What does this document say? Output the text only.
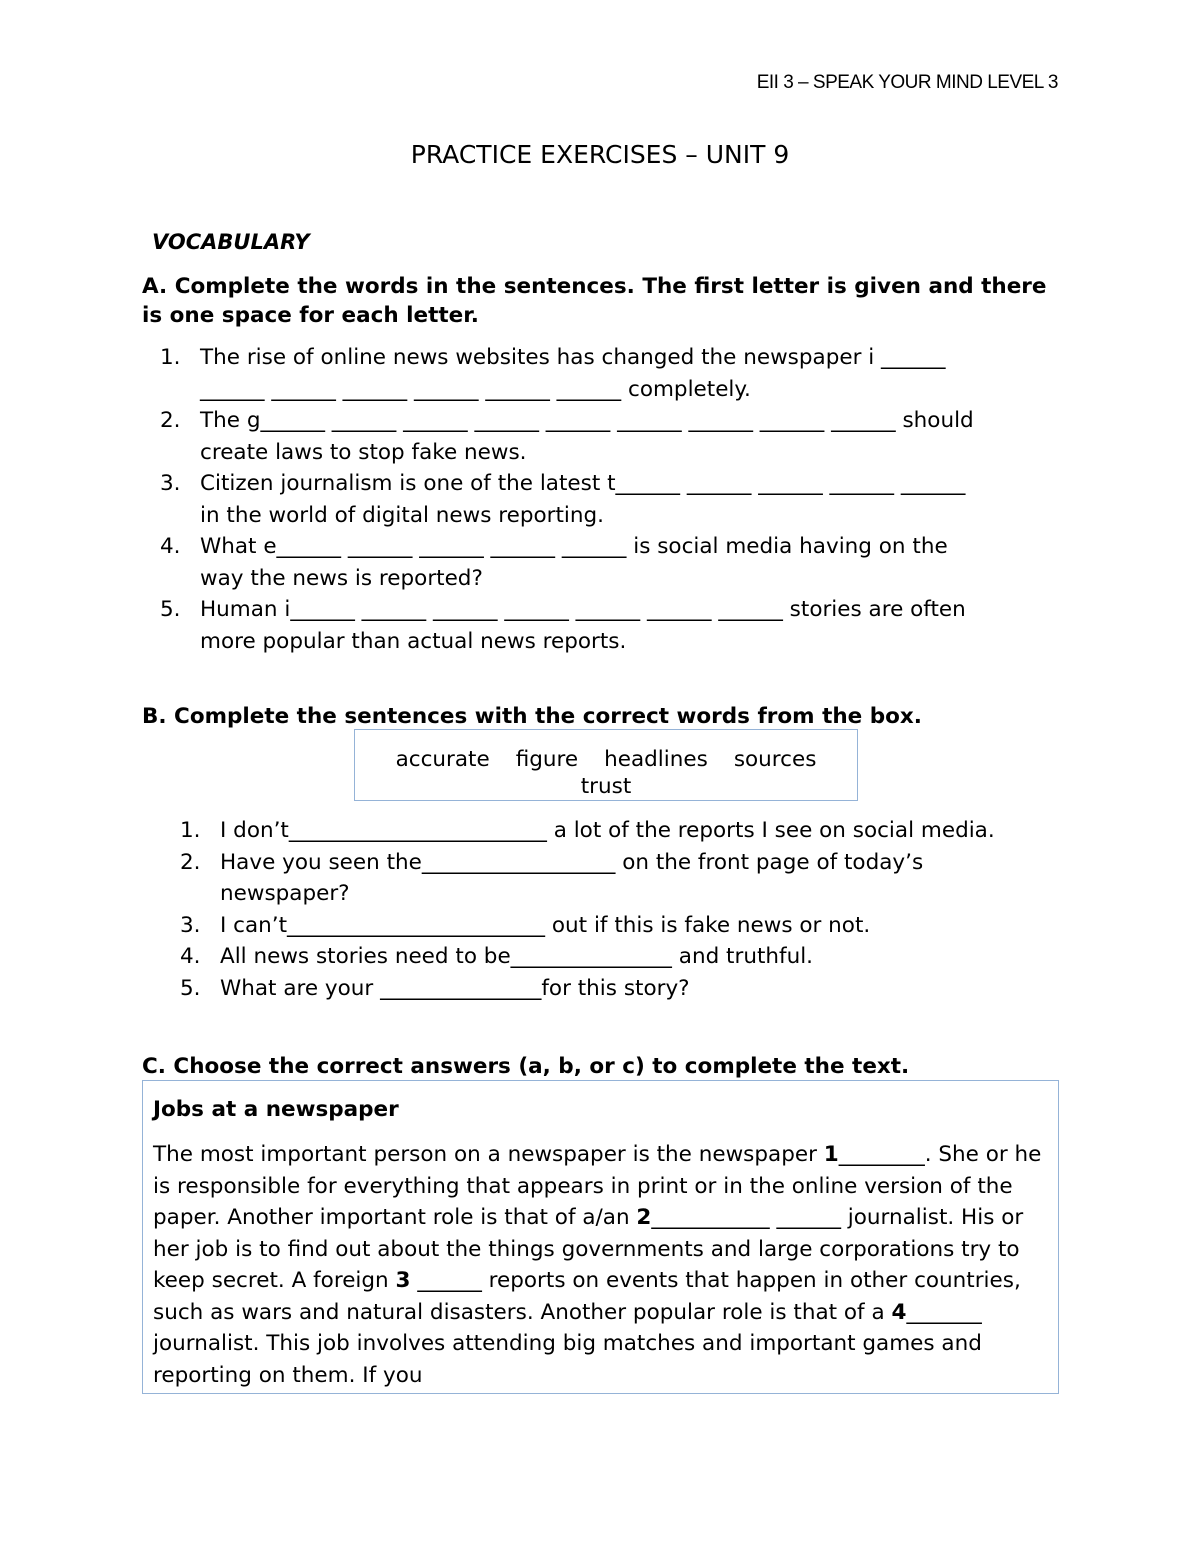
EII 3 – SPEAK YOUR MIND LEVEL 3
PRACTICE EXERCISES – UNIT 9
VOCABULARY
A. Complete the words in the sentences. The first letter is given and there is one space for each letter.
1. The rise of online news websites has changed the newspaper i ______
______ ______ ______ ______ ______ ______ completely.
2. The g______ ______ ______ ______ ______ ______ ______ ______ ______ should
create laws to stop fake news.
3. Citizen journalism is one of the latest t______ ______ ______ ______ ______
in the world of digital news reporting.
4. What e______ ______ ______ ______ ______ is social media having on the
way the news is reported?
5. Human i______ ______ ______ ______ ______ ______ ______ stories are often
more popular than actual news reports.
B. Complete the sentences with the correct words from the box.
accurate figure headlines sources
trust
1. I don’t________________________ a lot of the reports I see on social media.
2. Have you seen the__________________ on the front page of today’s
newspaper?
3. I can’t________________________ out if this is fake news or not.
4. All news stories need to be_______________ and truthful.
5. What are your _______________for this story?
C. Choose the correct answers (a, b, or c) to complete the text.
Jobs at a newspaper
The most important person on a newspaper is the newspaper 1________. She or he is responsible for everything that appears in print or in the online version of the paper. Another important role is that of a/an 2___________ ______ journalist. His or her job is to find out about the things governments and large corporations try to keep secret. A foreign 3 ______ reports on events that happen in other countries, such as wars and natural disasters. Another popular role is that of a 4_______ journalist. This job involves attending big matches and important games and reporting on them. If you
